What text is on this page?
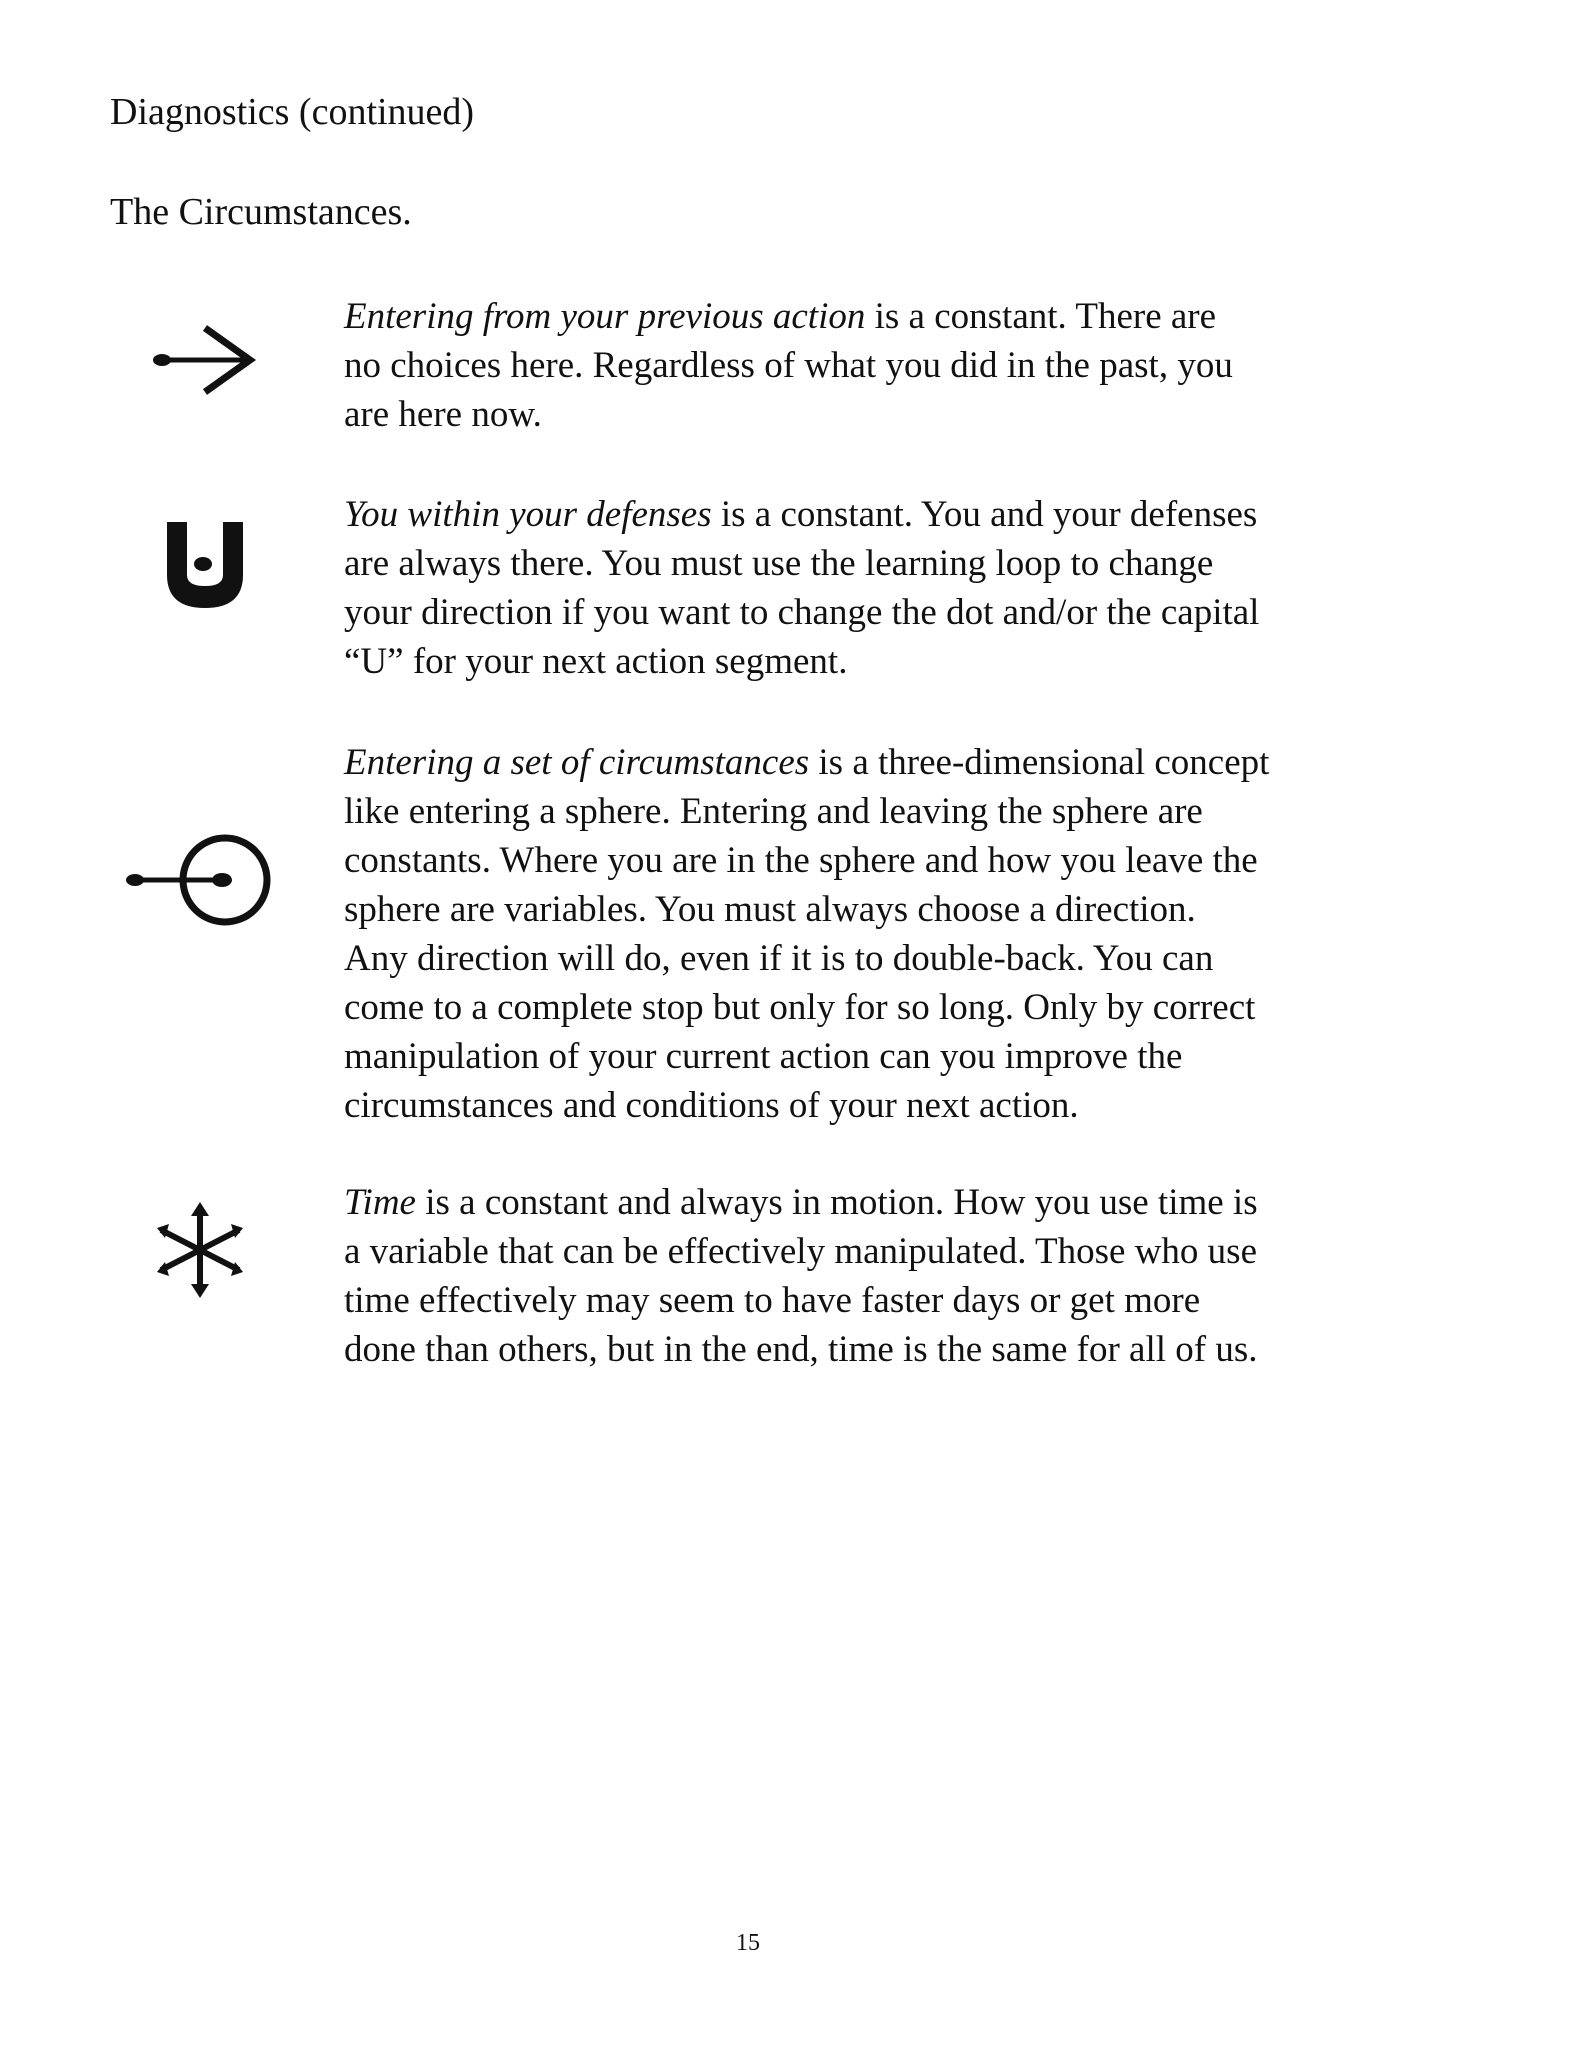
Diagnostics (continued)
The Circumstances.
Entering from your previous action is a constant. There are
no choices here. Regardless of what you did in the past, you
are here now.
You within your defenses is a constant. You and your defenses
are always there. You must use the learning loop to change
your direction if you want to change the dot and/or the capital
“U” for your next action segment.
Entering a set of circumstances is a three-dimensional concept
like entering a sphere. Entering and leaving the sphere are
constants. Where you are in the sphere and how you leave the
sphere are variables. You must always choose a direction.
Any direction will do, even if it is to double-back. You can
come to a complete stop but only for so long. Only by correct
manipulation of your current action can you improve the
circumstances and conditions of your next action.
Time is a constant and always in motion. How you use time is
a variable that can be effectively manipulated. Those who use
time effectively may seem to have faster days or get more
done than others, but in the end, time is the same for all of us.
15
